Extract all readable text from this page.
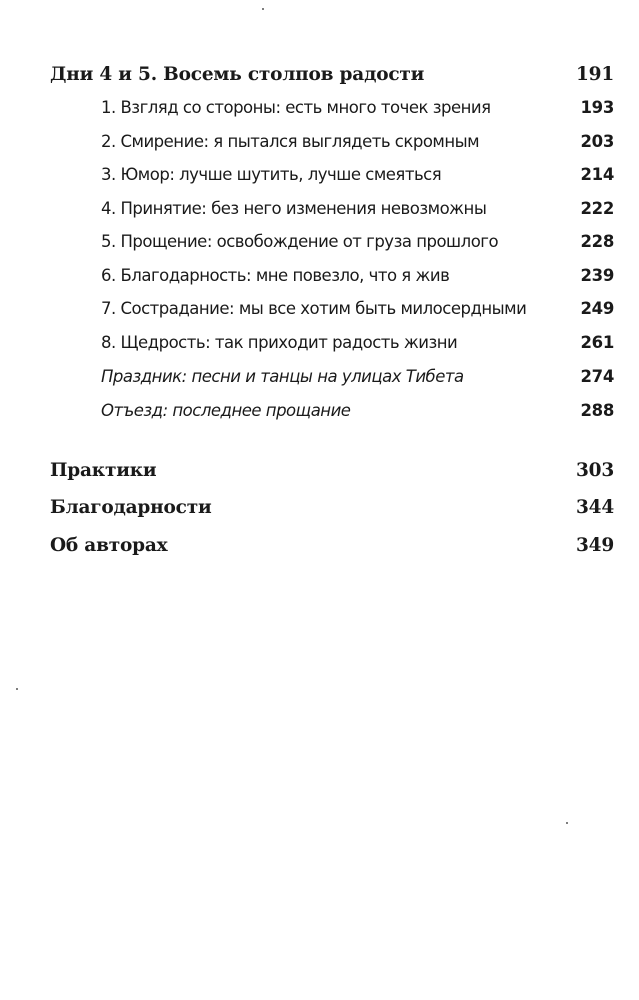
Дни 4 и 5. Восемь столпов радости	191
1. Взгляд со стороны: есть много точек зрения	193
2. Смирение: я пытался выглядеть скромным	203
3. Юмор: лучше шутить, лучше смеяться	214
4. Принятие: без него изменения невозможны	222
5. Прощение: освобождение от груза прошлого	228
6. Благодарность: мне повезло, что я жив	239
7. Сострадание: мы все хотим быть милосердными	249
8. Щедрость: так приходит радость жизни	261
Праздник: песни и танцы на улицах Тибета	274
Отъезд: последнее прощание	288
Практики	303
Благодарности	344
Об авторах	349
